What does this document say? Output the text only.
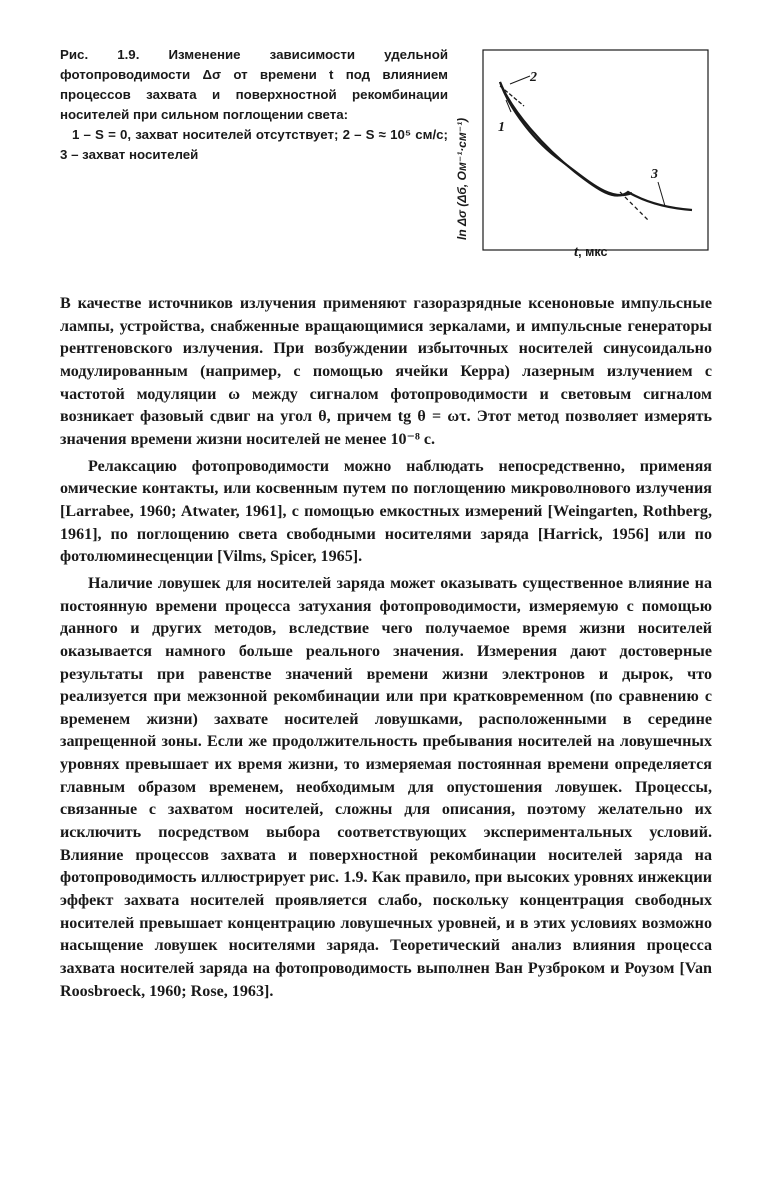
Рис. 1.9. Изменение зависимости удельной фотопроводимости Δσ от времени t под влиянием процессов захвата и поверхностной рекомбинации носителей при сильном поглощении света:

1 – S = 0, захват носителей отсутствует; 2 – S ≈ 10⁵ см/с; 3 – захват носителей

2
1
3
ln Δσ (Δб, Ом⁻¹·см⁻¹)
t, мкс

В качестве источников излучения применяют газоразрядные ксеноновые импульсные лампы, устройства, снабженные вращающимися зеркалами, и импульсные генераторы рентгеновского излучения. При возбуждении избыточных носителей синусоидально модулированным (например, с помощью ячейки Керра) лазерным излучением с частотой модуляции ω между сигналом фотопроводимости и световым сигналом возникает фазовый сдвиг на угол θ, причем tg θ = ωτ. Этот метод позволяет измерять значения времени жизни носителей не менее 10⁻⁸ с.

Релаксацию фотопроводимости можно наблюдать непосредственно, применяя омические контакты, или косвенным путем по поглощению микроволнового излучения [Larrabee, 1960; Atwater, 1961], с помощью емкостных измерений [Weingarten, Rothberg, 1961], по поглощению света свободными носителями заряда [Harrick, 1956] или по фотолюминесценции [Vilms, Spicer, 1965].

Наличие ловушек для носителей заряда может оказывать существенное влияние на постоянную времени процесса затухания фотопроводимости, измеряемую с помощью данного и других методов, вследствие чего получаемое время жизни носителей оказывается намного больше реального значения. Измерения дают достоверные результаты при равенстве значений времени жизни электронов и дырок, что реализуется при межзонной рекомбинации или при кратковременном (по сравнению с временем жизни) захвате носителей ловушками, расположенными в середине запрещенной зоны. Если же продолжительность пребывания носителей на ловушечных уровнях превышает их время жизни, то измеряемая постоянная времени определяется главным образом временем, необходимым для опустошения ловушек. Процессы, связанные с захватом носителей, сложны для описания, поэтому желательно их исключить посредством выбора соответствующих экспериментальных условий. Влияние процессов захвата и поверхностной рекомбинации носителей заряда на фотопроводимость иллюстрирует рис. 1.9. Как правило, при высоких уровнях инжекции эффект захвата носителей проявляется слабо, поскольку концентрация свободных носителей превышает концентрацию ловушечных уровней, и в этих условиях возможно насыщение ловушек носителями заряда. Теоретический анализ влияния процесса захвата носителей заряда на фотопроводимость выполнен Ван Рузброком и Роузом [Van Roosbroeck, 1960; Rose, 1963].
